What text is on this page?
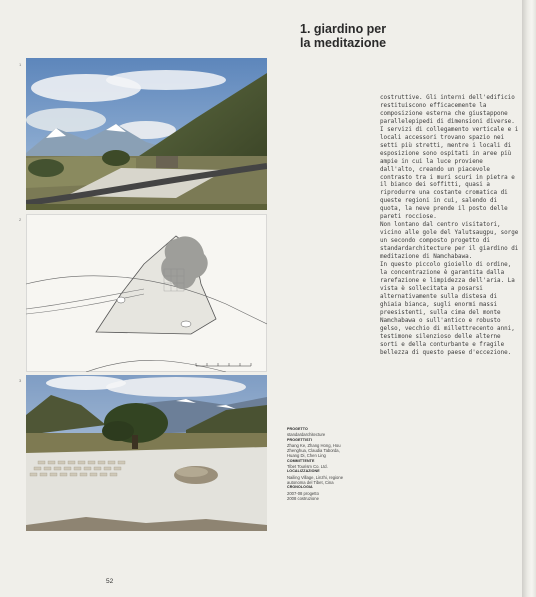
1. giardino per
la meditazione
1
2
3

costruttive. Gli interni dell'edificio restituiscono efficacemente la composizione esterna che giustappone parallelepipedi di dimensioni diverse. I servizi di collegamento verticale e i locali accessori trovano spazio nei setti più stretti, mentre i locali di esposizione sono ospitati in aree più ampie in cui la luce proviene dall'alto, creando un piacevole contrasto tra i muri scuri in pietra e il bianco dei soffitti, quasi a riprodurre una costante cromatica di queste regioni in cui, salendo di quota, la neve prende il posto delle pareti rocciose.

Non lontano dal centro visitatori, vicino alle gole del Yalutsaugpu, sorge un secondo composto progetto di standardarchitecture per il giardino di meditazione di Namchabawa.

In questo piccolo gioiello di ordine, la concentrazione è garantita dalla rarefazione e limpidezza dell'aria. La vista è sollecitata a posarsi alternativamente sulla distesa di ghiaia bianca, sugli enormi massi preesistenti, sulla cima del monte Namchabawa o sull'antico e robusto gelso, vecchio di millettrecento anni, testimone silenzioso delle alterne sorti e della conturbante e fragile bellezza di questo paese d'eccezione.

PROGETTO
standardarchitecture
PROGETTISTI
Zhang Ke, Zhang Hong, Hou
Zhenghua, Claudia Taborda,
Huang Di, Chen Ling
COMMITTENTE
Tibet Tourism Co. Ltd.
LOCALIZZAZIONE
Nailing Village, Linzhi, regione
autonoma del Tibet, Cina
CRONOLOGIA
2007-08 progetto
2008 costruzione
52
